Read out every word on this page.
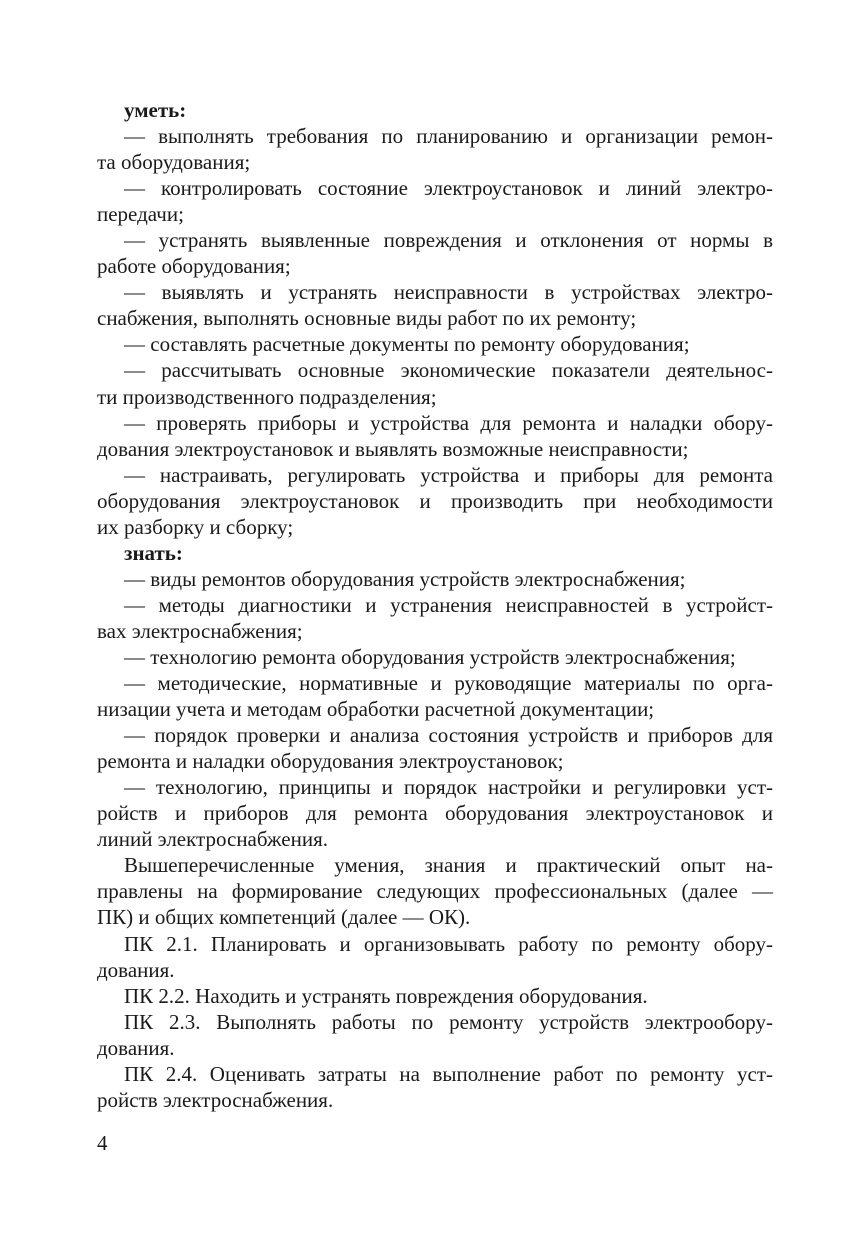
уметь:
— выполнять требования по планированию и организации ремон-
та оборудования;
— контролировать состояние электроустановок и линий электро-
передачи;
— устранять выявленные повреждения и отклонения от нормы в
работе оборудования;
— выявлять и устранять неисправности в устройствах электро-
снабжения, выполнять основные виды работ по их ремонту;
— составлять расчетные документы по ремонту оборудования;
— рассчитывать основные экономические показатели деятельнос-
ти производственного подразделения;
— проверять приборы и устройства для ремонта и наладки обору-
дования электроустановок и выявлять возможные неисправности;
— настраивать, регулировать устройства и приборы для ремонта
оборудования электроустановок и производить при необходимости
их разборку и сборку;
знать:
— виды ремонтов оборудования устройств электроснабжения;
— методы диагностики и устранения неисправностей в устройст-
вах электроснабжения;
— технологию ремонта оборудования устройств электроснабжения;
— методические, нормативные и руководящие материалы по орга-
низации учета и методам обработки расчетной документации;
— порядок проверки и анализа состояния устройств и приборов для
ремонта и наладки оборудования электроустановок;
— технологию, принципы и порядок настройки и регулировки уст-
ройств и приборов для ремонта оборудования электроустановок и
линий электроснабжения.
Вышеперечисленные умения, знания и практический опыт на-
правлены на формирование следующих профессиональных (далее —
ПК) и общих компетенций (далее — ОК).
ПК 2.1. Планировать и организовывать работу по ремонту обору-
дования.
ПК 2.2. Находить и устранять повреждения оборудования.
ПК 2.3. Выполнять работы по ремонту устройств электрообору-
дования.
ПК 2.4. Оценивать затраты на выполнение работ по ремонту уст-
ройств электроснабжения.
4
